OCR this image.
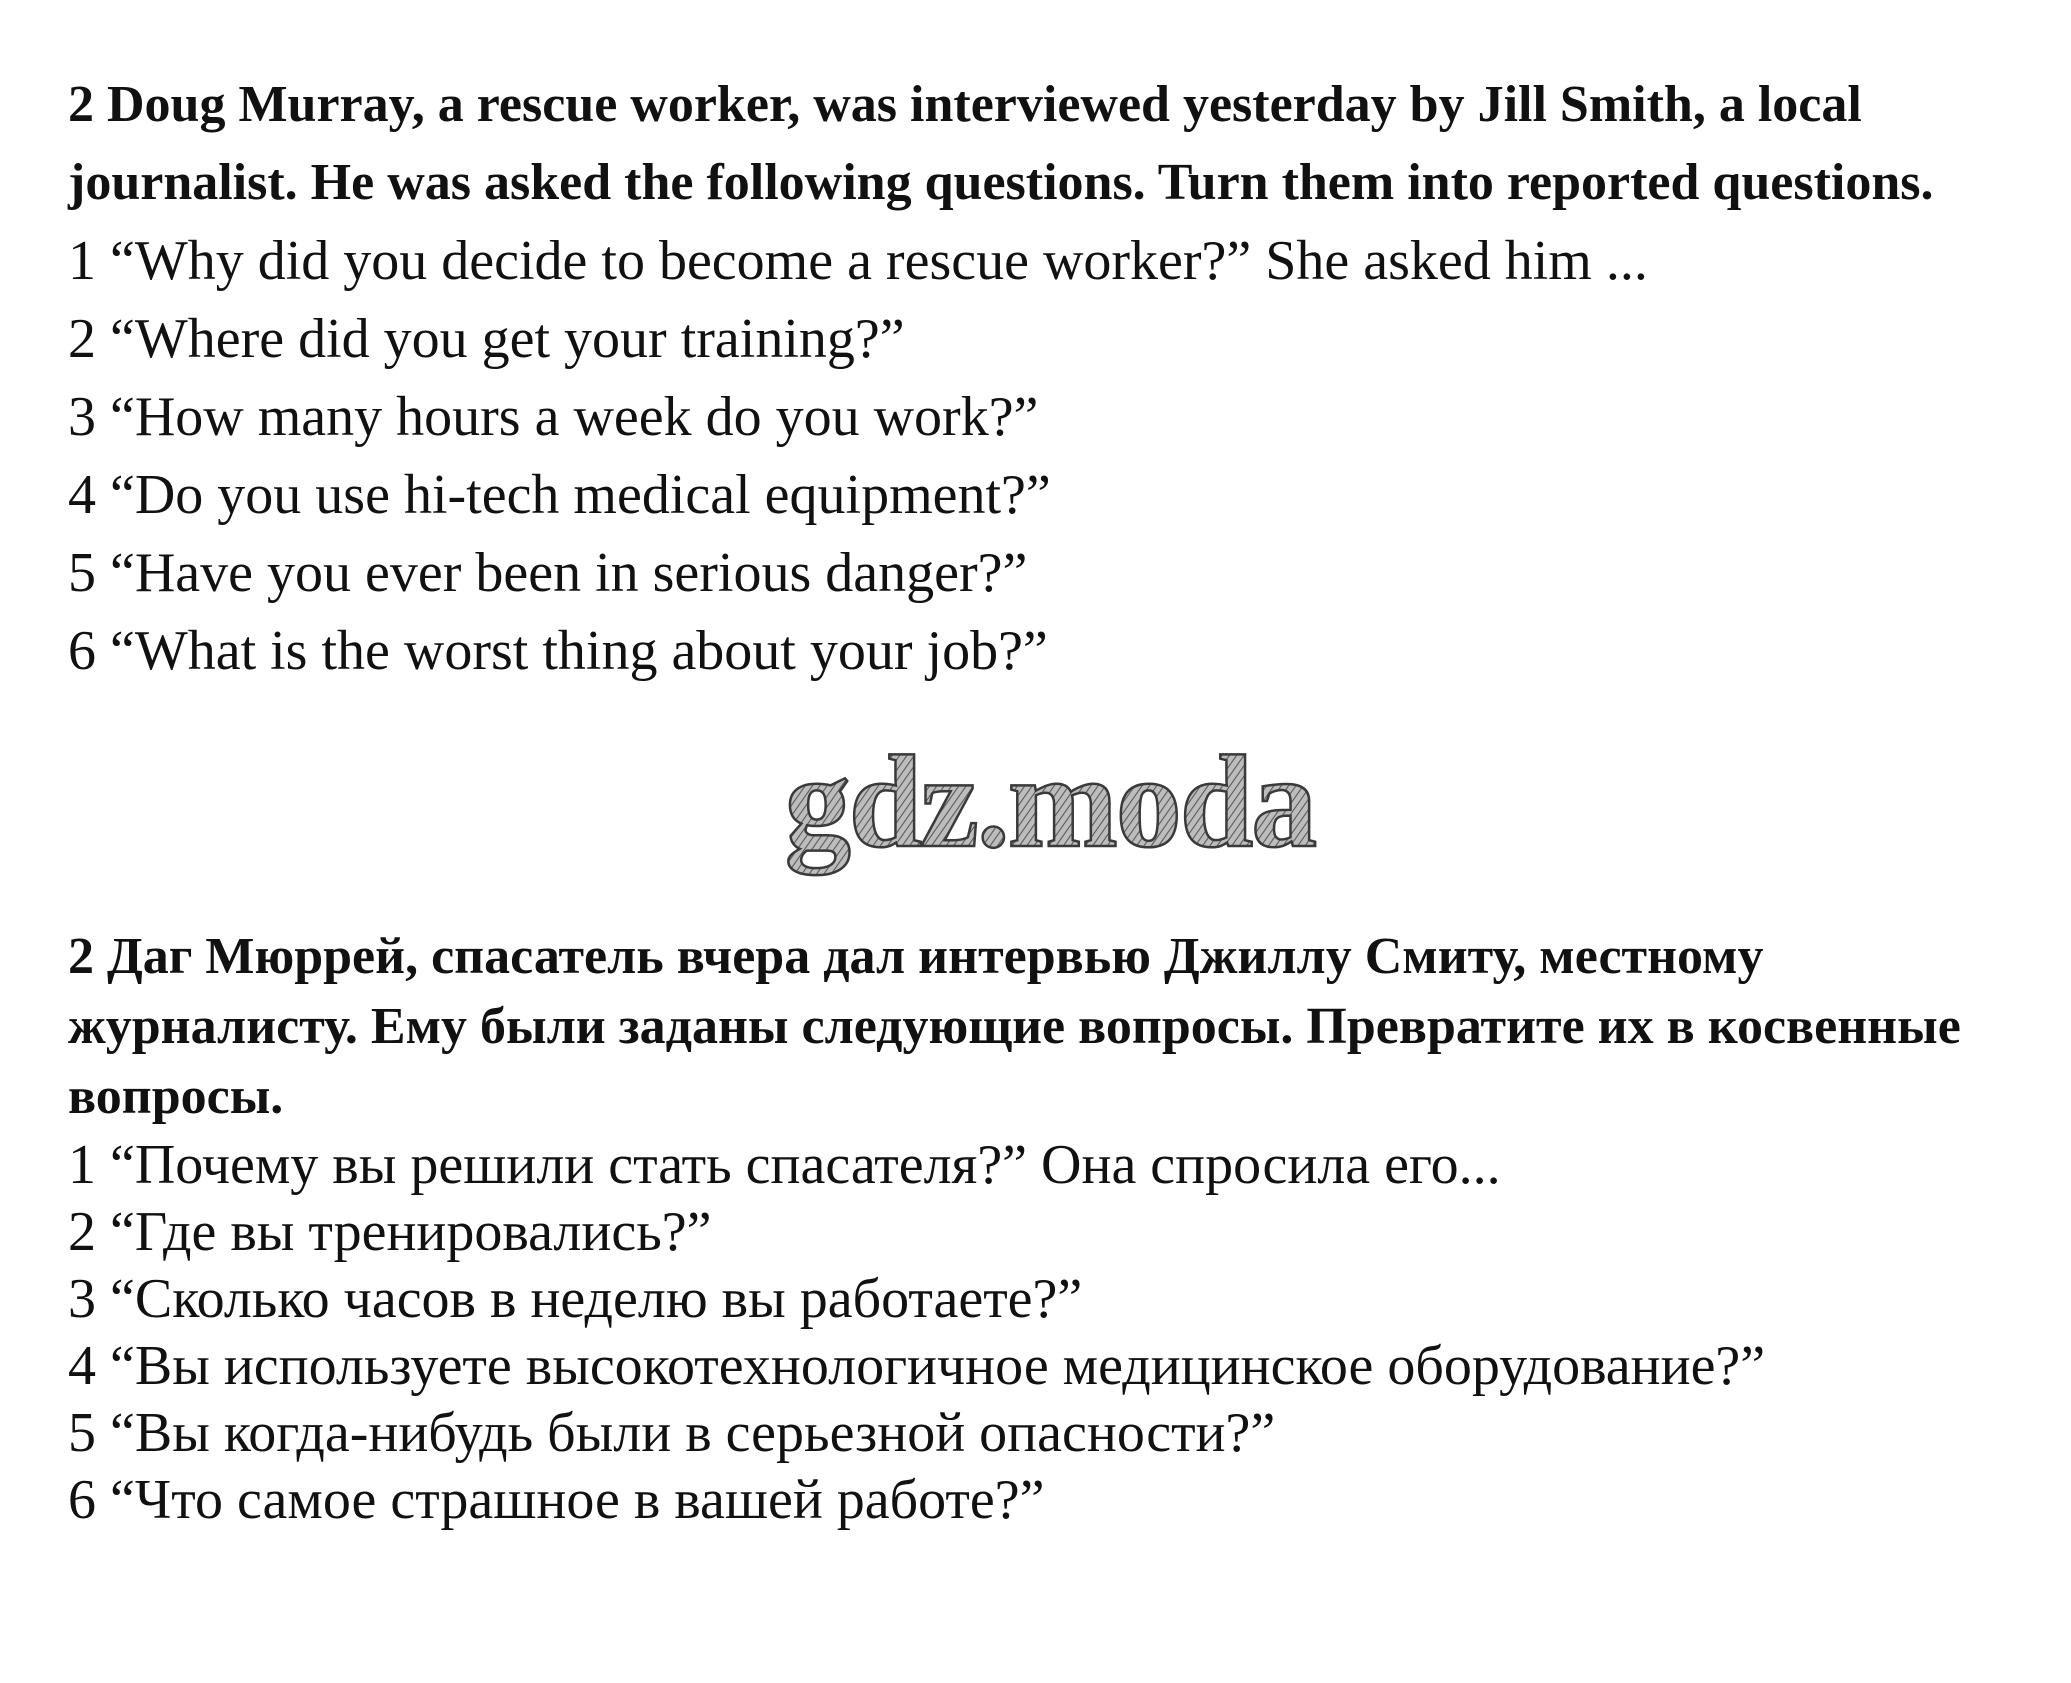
2 Doug Murray, a rescue worker, was interviewed yesterday by Jill Smith, a local journalist. He was asked the following questions. Turn them into reported questions.

1 “Why did you decide to become a rescue worker?” She asked him ...
2 “Where did you get your training?”
3 “How many hours a week do you work?”
4 “Do you use hi-tech medical equipment?”
5 “Have you ever been in serious danger?”
6 “What is the worst thing about your job?”
gdz.moda

2 Даг Мюррей, спасатель вчера дал интервью Джиллу Смиту, местному журналисту. Ему были заданы следующие вопросы. Превратите их в косвенные вопросы.

1 “Почему вы решили стать спасателя?” Она спросила его...
2 “Где вы тренировались?”
3 “Сколько часов в неделю вы работаете?”
4 “Вы используете высокотехнологичное медицинское оборудование?”
5 “Вы когда-нибудь были в серьезной опасности?”
6 “Что самое страшное в вашей работе?”
